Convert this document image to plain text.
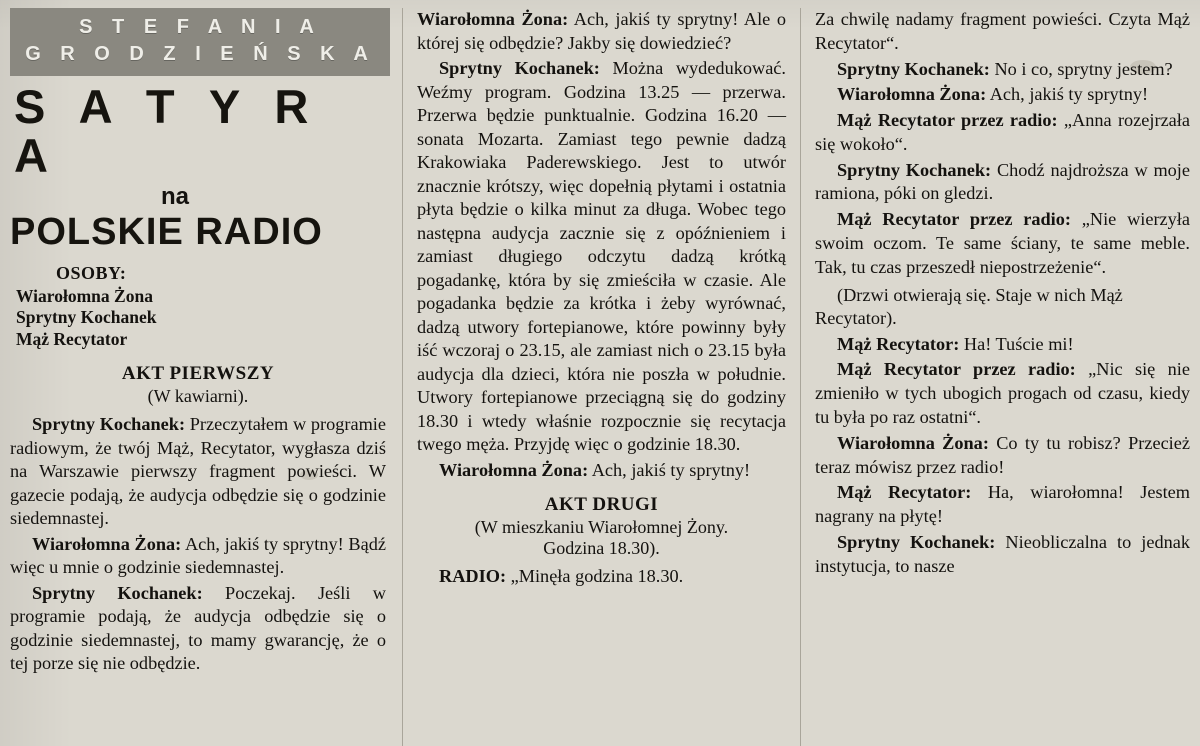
S T E F A N I A
G R O D Z I E Ń S K A
S A T Y R A
na
POLSKIE RADIO
OSOBY:
Wiarołomna Żona
Sprytny Kochanek
Mąż Recytator
AKT PIERWSZY
(W kawiarni).

Sprytny Kochanek: Przeczytałem w programie radiowym, że twój Mąż, Recytator, wygłasza dziś na Warszawie pierwszy fragment powieści. W gazecie podają, że audycja odbędzie się o godzinie siedemnastej.

Wiarołomna Żona: Ach, jakiś ty sprytny! Bądź więc u mnie o godzinie siedemnastej.

Sprytny Kochanek: Poczekaj. Jeśli w programie podają, że audycja odbędzie się o godzinie siedemnastej, to mamy gwarancję, że o tej porze się nie odbędzie.

Wiarołomna Żona: Ach, jakiś ty sprytny! Ale o której się odbędzie? Jakby się dowiedzieć?

Sprytny Kochanek: Można wydedukować. Weźmy program. Godzina 13.25 — przerwa. Przerwa będzie punktualnie. Godzina 16.20 — sonata Mozarta. Zamiast tego pewnie dadzą Krakowiaka Paderewskiego. Jest to utwór znacznie krótszy, więc dopełnią płytami i ostatnia płyta będzie o kilka minut za długa. Wobec tego następna audycja zacznie się z opóźnieniem i zamiast długiego odczytu dadzą krótką pogadankę, która by się zmieściła w czasie. Ale pogadanka będzie za krótka i żeby wyrównać, dadzą utwory fortepianowe, które powinny były iść wczoraj o 23.15, ale zamiast nich o 23.15 była audycja dla dzieci, która nie poszła w południe. Utwory fortepianowe przeciągną się do godziny 18.30 i wtedy właśnie rozpocznie się recytacja twego męża. Przyjdę więc o godzinie 18.30.

Wiarołomna Żona: Ach, jakiś ty sprytny!

AKT DRUGI
(W mieszkaniu Wiarołomnej Żony.
Godzina 18.30).

RADIO: „Minęła godzina 18.30.

Za chwilę nadamy fragment powieści. Czyta Mąż Recytator“.

Sprytny Kochanek: No i co, sprytny jestem?

Wiarołomna Żona: Ach, jakiś ty sprytny!

Mąż Recytator przez radio: „Anna rozejrzała się wokoło“.

Sprytny Kochanek: Chodź najdroższa w moje ramiona, póki on gledzi.

Mąż Recytator przez radio: „Nie wierzyła swoim oczom. Te same ściany, te same meble. Tak, tu czas przeszedł niepostrzeżenie“.

(Drzwi otwierają się. Staje w nich Mąż Recytator).

Mąż Recytator: Ha! Tuście mi!

Mąż Recytator przez radio: „Nic się nie zmieniło w tych ubogich progach od czasu, kiedy tu była po raz ostatni“.

Wiarołomna Żona: Co ty tu robisz? Przecież teraz mówisz przez radio!

Mąż Recytator: Ha, wiarołomna! Jestem nagrany na płytę!

Sprytny Kochanek: Nieobliczalna to jednak instytucja, to nasze
